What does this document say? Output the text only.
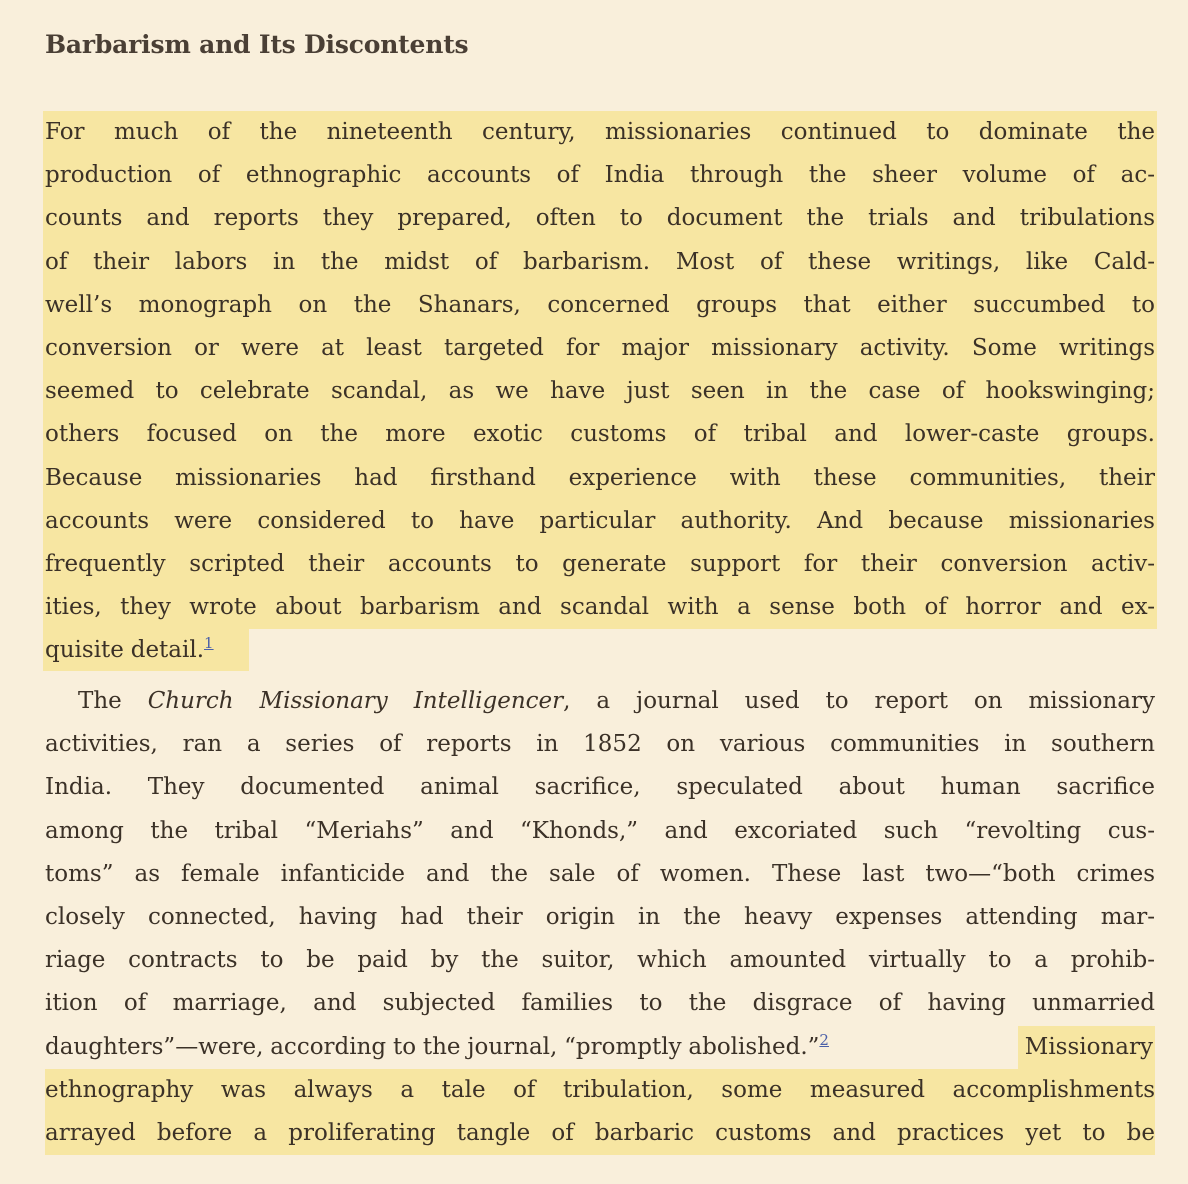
Barbarism and Its Discontents
For much of the nineteenth century, missionaries continued to dominate the
production of ethnographic accounts of India through the sheer volume of ac-
counts and reports they prepared, often to document the trials and tribulations
of their labors in the midst of barbarism. Most of these writings, like Cald-
well’s monograph on the Shanars, concerned groups that either succumbed to
conversion or were at least targeted for major missionary activity. Some writings
seemed to celebrate scandal, as we have just seen in the case of hookswinging;
others focused on the more exotic customs of tribal and lower-caste groups.
Because missionaries had firsthand experience with these communities, their
accounts were considered to have particular authority. And because missionaries
frequently scripted their accounts to generate support for their conversion activ-
ities, they wrote about barbarism and scandal with a sense both of horror and ex-
quisite detail.$^1$
The Church Missionary Intelligencer, a journal used to report on missionary
activities, ran a series of reports in 1852 on various communities in southern
India. They documented animal sacrifice, speculated about human sacrifice
among the tribal “Meriahs” and “Khonds,” and excoriated such “revolting cus-
toms” as female infanticide and the sale of women. These last two—“both crimes
closely connected, having had their origin in the heavy expenses attending mar-
riage contracts to be paid by the suitor, which amounted virtually to a prohib-
ition of marriage, and subjected families to the disgrace of having unmarried
daughters”—were, according to the journal, “promptly abolished.”$^2$	Missionary
ethnography was always a tale of tribulation, some measured accomplishments
arrayed before a proliferating tangle of barbaric customs and practices yet to be
